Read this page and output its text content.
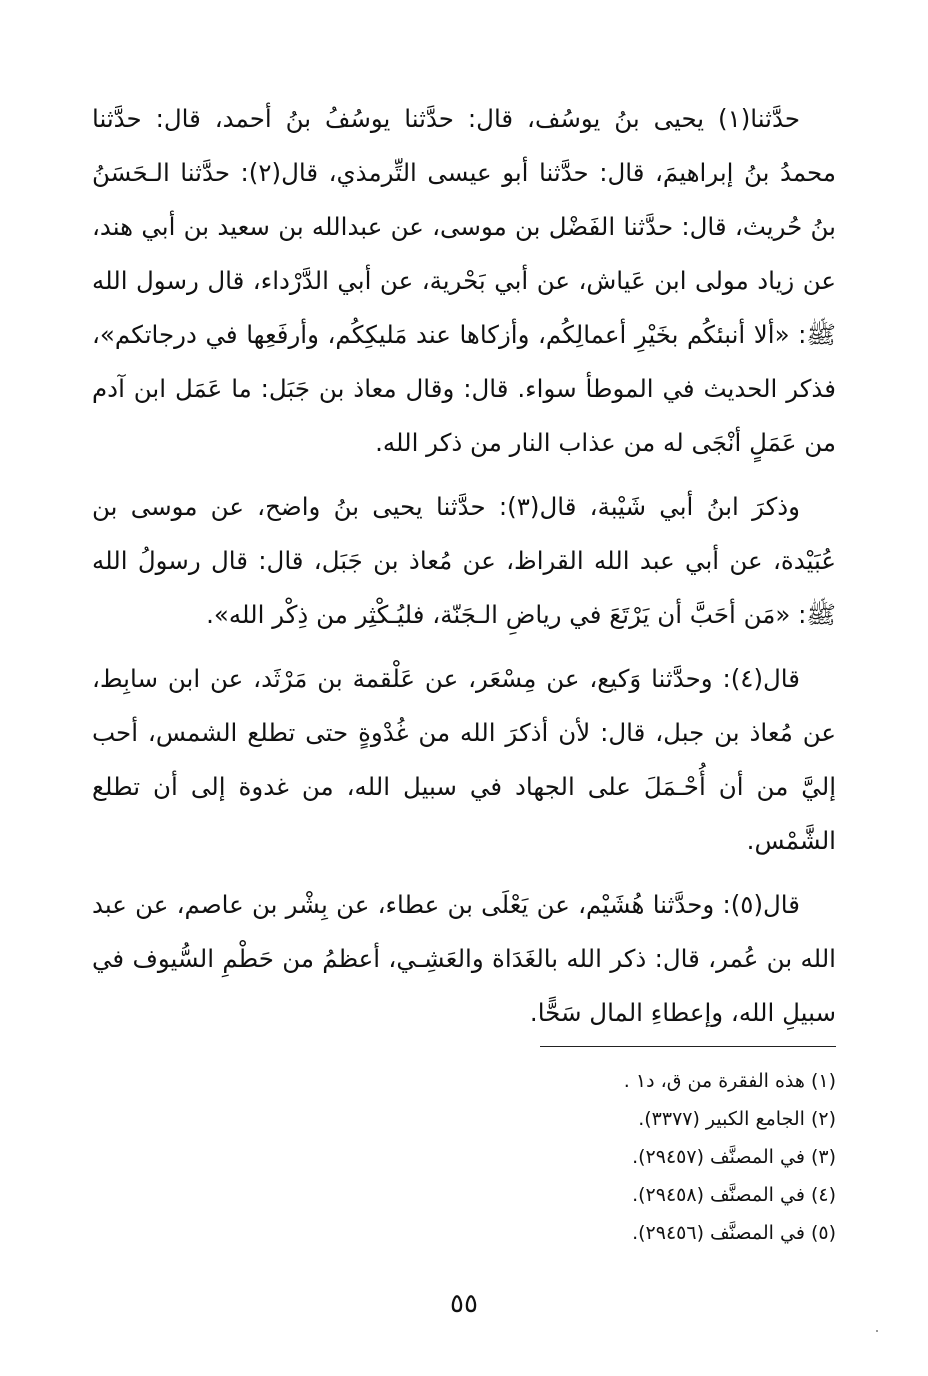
حدَّثنا(١) يحيى بنُ يوسُف، قال: حدَّثنا يوسُفُ بنُ أحمد، قال: حدَّثنا محمدُ بنُ إبراهيمَ، قال: حدَّثنا أبو عيسى التِّرمذي، قال(٢): حدَّثنا الـحَسَنُ بنُ حُريث، قال: حدَّثنا الفَضْل بن موسى، عن عبدالله بن سعيد بن أبي هند، عن زياد مولى ابن عَياش، عن أبي بَحْرية، عن أبي الدَّرْداء، قال رسول الله ﷺ: «ألا أنبئكُم بخَيْرِ أعمالِكُم، وأزكاها عند مَليكِكُم، وأرفَعِها في درجاتكم»، فذكر الحديث في الموطأ سواء. قال: وقال معاذ بن جَبَل: ما عَمَل ابن آدم من عَمَلٍ أنْجَى له من عذاب النار من ذكر الله.

وذكرَ ابنُ أبي شَيْبة، قال(٣): حدَّثنا يحيى بنُ واضح، عن موسى بن عُبَيْدة، عن أبي عبد الله القراظ، عن مُعاذ بن جَبَل، قال: قال رسولُ الله ﷺ: «مَن أحَبَّ أن يَرْتَعَ في رياضِ الـجَنّة، فليُـكْثِر من ذِكْر الله».

قال(٤): وحدَّثنا وَكيع، عن مِسْعَر، عن عَلْقمة بن مَرْثَد، عن ابن سابِط، عن مُعاذ بن جبل، قال: لأن أذكرَ الله من غُدْوةٍ حتى تطلع الشمس، أحب إليَّ من أن أُحْـمَلَ على الجهاد في سبيل الله، من غدوة إلى أن تطلع الشَّمْس.

قال(٥): وحدَّثنا هُشَيْم، عن يَعْلَى بن عطاء، عن بِشْر بن عاصم، عن عبد الله بن عُمر، قال: ذكر الله بالغَدَاة والعَشِـي، أعظمُ من حَطْمِ السُّيوف في سبيلِ الله، وإعطاءِ المال سَحًّا.

(١) هذه الفقرة من ق، د١ .
(٢) الجامع الكبير (٣٣٧٧).
(٣) في المصنَّف (٢٩٤٥٧).
(٤) في المصنَّف (٢٩٤٥٨).
(٥) في المصنَّف (٢٩٤٥٦).
٥٥
